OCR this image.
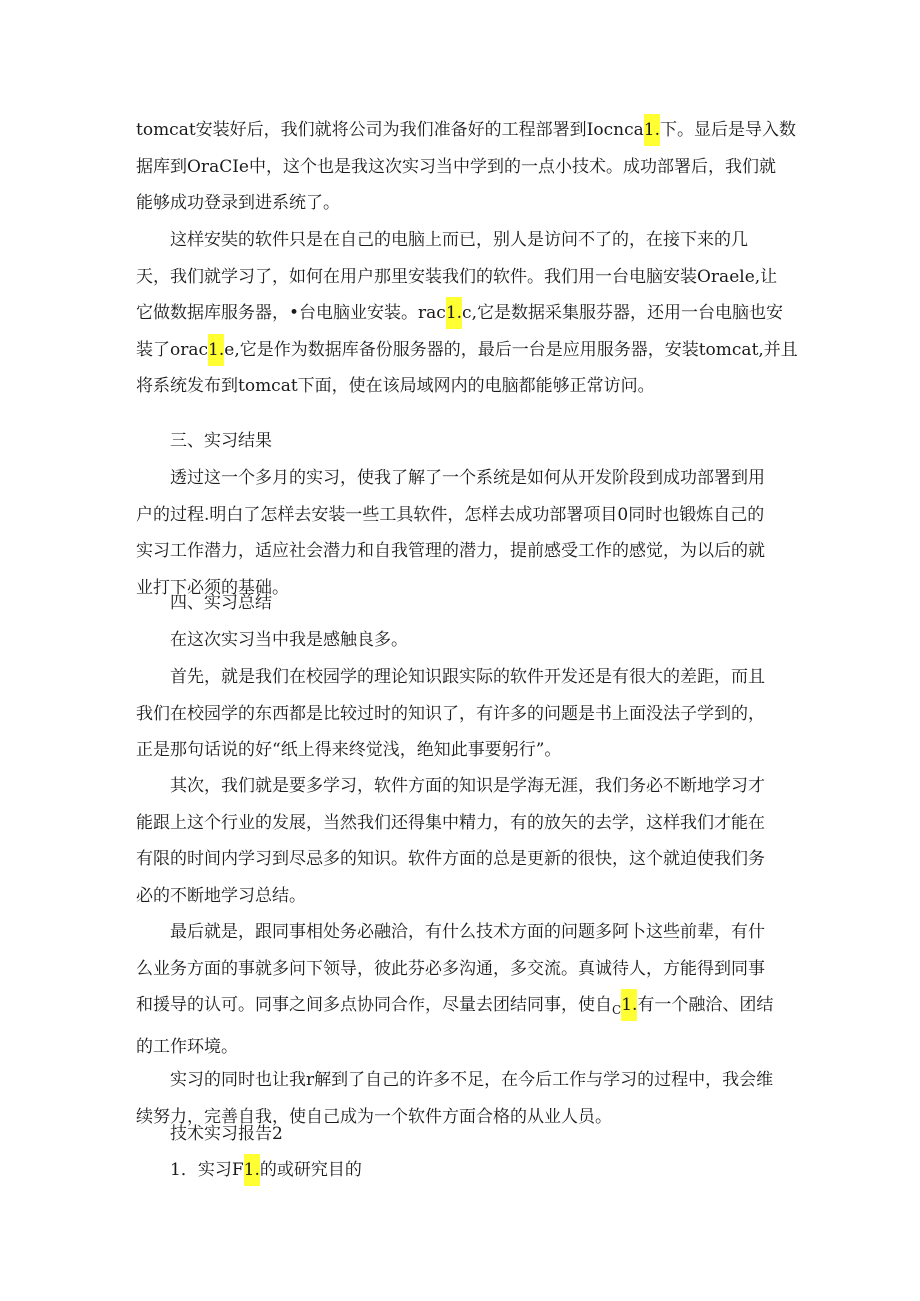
tomcat安装好后，我们就将公司为我们准备好的工程部署到Iocnca1.下。显后是导入数
据库到OraCIe中，这个也是我这次实习当中学到的一点小技术。成功部署后，我们就
能够成功登录到进系统了。

这样安奘的软件只是在自己的电脑上而已，别人是访问不了的，在接下来的几
天，我们就学习了，如何在用户那里安装我们的软件。我们用一台电脑安装Oraele,让
它做数据库服务器，•台电脑业安装。rac1.c,它是数据采集服芬器，还用一台电脑也安
装了orac1.e,它是作为数据库备份服务器的，最后一台是应用服务器，安装tomcat,并且
将系统发布到tomcat下面，使在该局域网内的电脑都能够正常访问。

三、实习结果

透过这一个多月的实习，使我了解了一个系统是如何从开发阶段到成功部署到用
户的过程.明白了怎样去安装一些工具软件，怎样去成功部署项目0同时也锻炼自己的
实习工作潜力，适应社会潜力和自我管理的潜力，提前感受工作的感觉，为以后的就
业打下必须的基础。

四、实习总结

在这次实习当中我是感触良多。

首先，就是我们在校园学的理论知识跟实际的软件开发还是有很大的差距，而且
我们在校园学的东西都是比较过时的知识了，有许多的问题是书上面没法子学到的，
正是那句话说的好“纸上得来终觉浅，绝知此事要躬行”。

其次，我们就是要多学习，软件方面的知识是学海无涯，我们务必不断地学习才
能跟上这个行业的发展，当然我们还得集中精力，有的放矢的去学，这样我们才能在
有限的时间内学习到尽忌多的知识。软件方面的总是更新的很快，这个就迫使我们务
必的不断地学习总结。

最后就是，跟同事相处务必融洽，有什么技术方面的问题多阿卜这些前辈，有什
么业务方面的事就多问下领导，彼此芬必多沟通，多交流。真诚待人，方能得到同事
和援导的认可。同事之间多点协同合作，尽量去团结同事，使自$_C$1.有一个融洽、团结
的工作环境。

实习的同时也让我r解到了自己的许多不足，在今后工作与学习的过程中，我会维
续努力，完善自我，使自己成为一个软件方面合格的从业人员。

技术实习报告2

1．实习F1.的或研究目的
